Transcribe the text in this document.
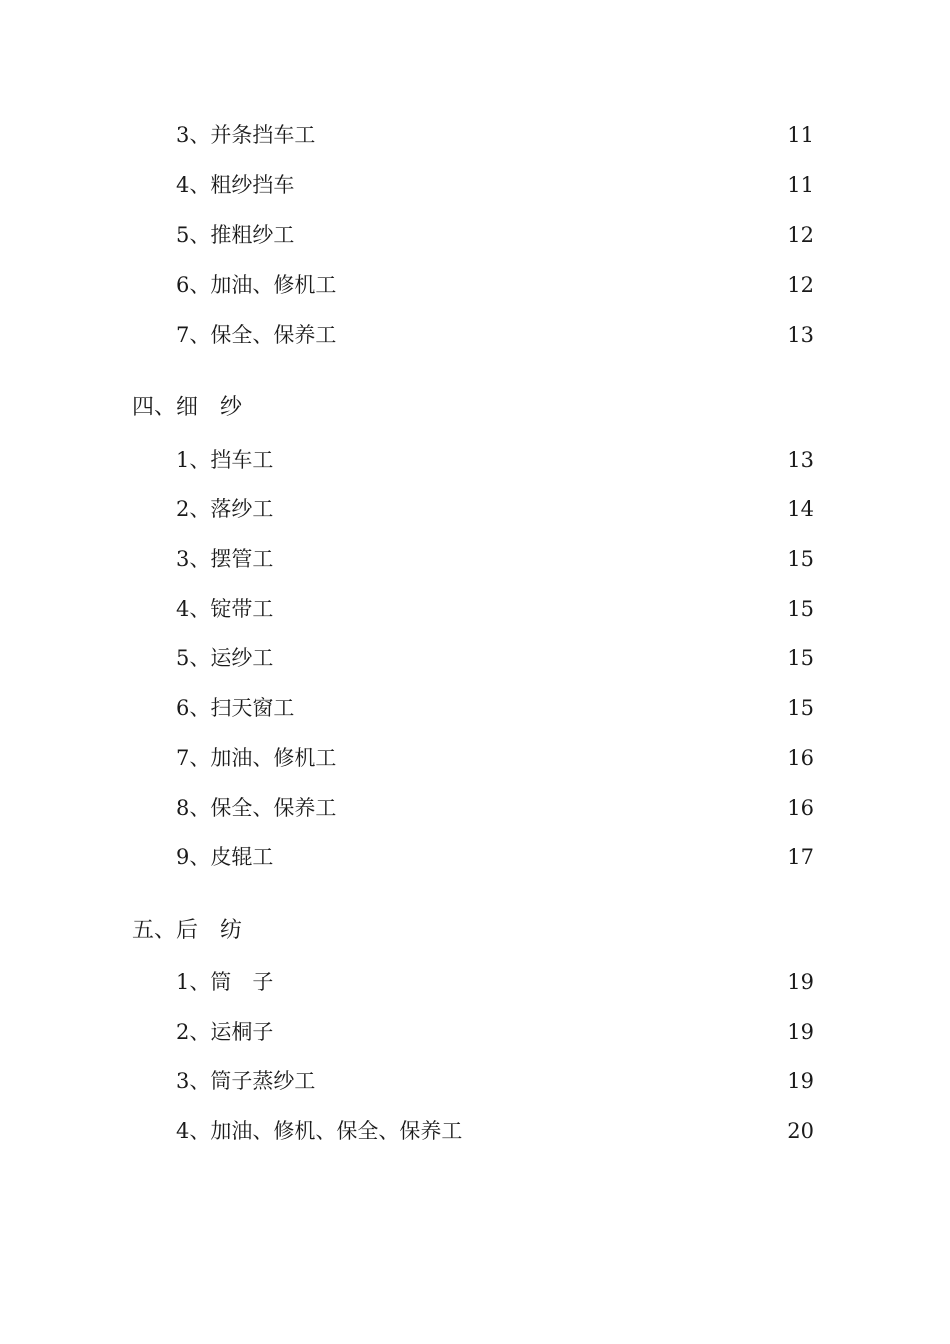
3、并条挡车工	11
4、粗纱挡车	11
5、推粗纱工	12
6、加油、修机工	12
7、保全、保养工	13
四、细　纱
1、挡车工	13
2、落纱工	14
3、摆管工	15
4、锭带工	15
5、运纱工	15
6、扫天窗工	15
7、加油、修机工	16
8、保全、保养工	16
9、皮辊工	17
五、后　纺
1、筒　子	19
2、运桐子	19
3、筒子蒸纱工	19
4、加油、修机、保全、保养工	20
